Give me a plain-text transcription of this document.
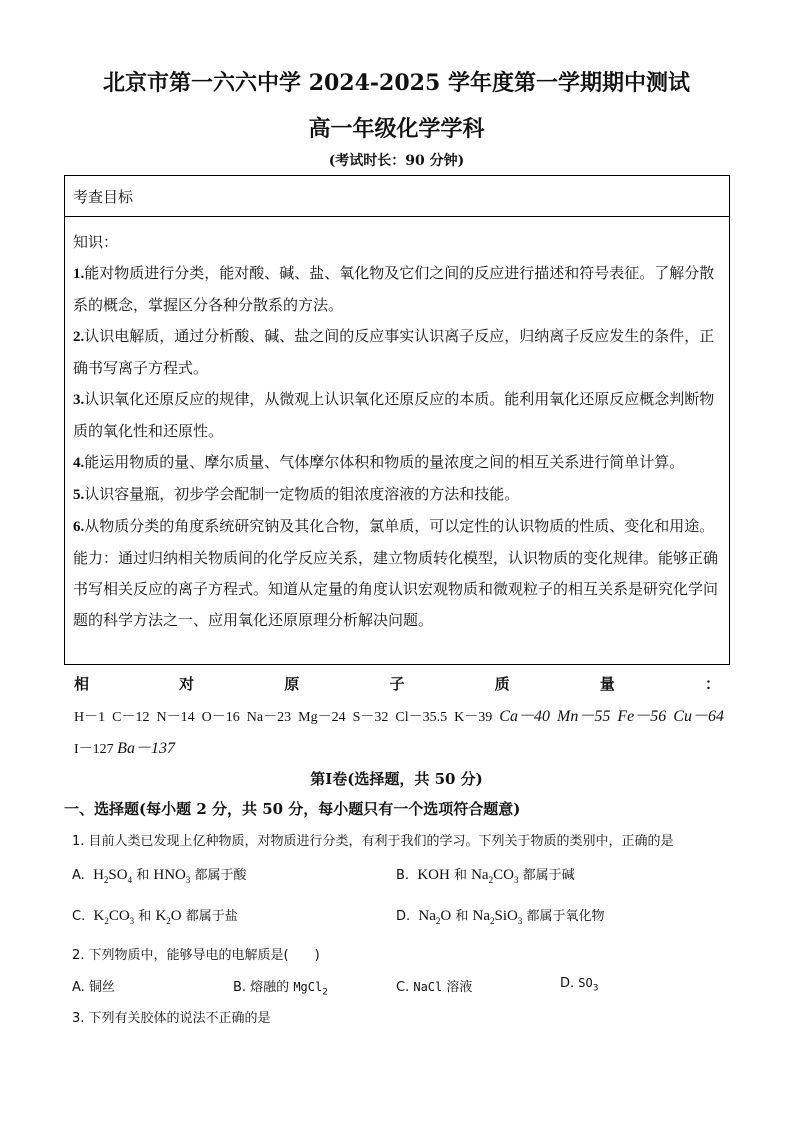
北京市第一六六中学 2024-2025 学年度第一学期期中测试
高一年级化学学科
(考试时长：90 分钟)
考查目标

知识：

1.能对物质进行分类，能对酸、碱、盐、氧化物及它们之间的反应进行描述和符号表征。了解分散系的概念，掌握区分各种分散系的方法。

2.认识电解质，通过分析酸、碱、盐之间的反应事实认识离子反应，归纳离子反应发生的条件，正确书写离子方程式。

3.认识氧化还原反应的规律，从微观上认识氧化还原反应的本质。能利用氧化还原反应概念判断物质的氧化性和还原性。

4.能运用物质的量、摩尔质量、气体摩尔体积和物质的量浓度之间的相互关系进行简单计算。

5.认识容量瓶，初步学会配制一定物质的钼浓度溶液的方法和技能。

6.从物质分类的角度系统研究钠及其化合物，氯单质，可以定性的认识物质的性质、变化和用途。

能力：通过归纳相关物质间的化学反应关系，建立物质转化模型，认识物质的变化规律。能够正确书写相关反应的离子方程式。知道从定量的角度认识宏观物质和微观粒子的相互关系是研究化学问题的科学方法之一、应用氧化还原原理分析解决问题。

相	对	原	子	质	量	：
H－1 C－12 N－14 O－16 Na－23 Mg－24 S－32 Cl－35.5 K－39 Ca－40 Mn－55 Fe－56 Cu－64
I－127 Ba－137
第Ⅰ卷(选择题，共 50 分)
一、选择题(每小题 2 分，共 50 分，每小题只有一个选项符合题意)
1. 目前人类已发现上亿种物质，对物质进行分类，有利于我们的学习。下列关于物质的类别中，正确的是
A. $H_2SO_4$ 和 $HNO_3$ 都属于酸	B. KOH 和 $Na_2CO_3$ 都属于碱
C. $K_2CO_3$ 和 $K_2O$ 都属于盐	D. $Na_2O$ 和 $Na_2SiO_3$ 都属于氧化物
2. 下列物质中，能够导电的电解质是(　　)
A. 铜丝	B. 熔融的 MgCl$_2$	C. NaCl 溶液	D. $SO_3$
3. 下列有关胶体的说法不正确的是
